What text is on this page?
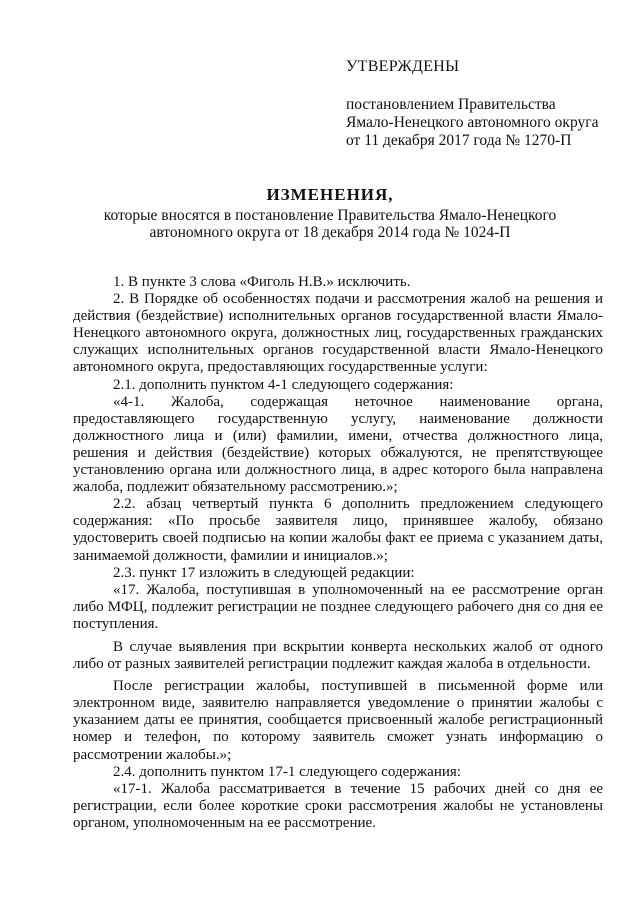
УТВЕРЖДЕНЫ

постановлением Правительства

Ямало-Ненецкого автономного округа

от 11 декабря 2017 года № 1270-П

ИЗМЕНЕНИЯ,

которые вносятся в постановление Правительства Ямало-Ненецкого

автономного округа от 18 декабря 2014 года № 1024-П

1. В пункте 3 слова «Фиголь Н.В.» исключить.

2. В Порядке об особенностях подачи и рассмотрения жалоб на решения и действия (бездействие) исполнительных органов государственной власти Ямало-Ненецкого автономного округа, должностных лиц, государственных гражданских служащих исполнительных органов государственной власти Ямало-Ненецкого автономного округа, предоставляющих государственные услуги:

2.1. дополнить пунктом 4-1 следующего содержания:

«4-1. Жалоба, содержащая неточное наименование органа, предоставляющего государственную услугу, наименование должности должностного лица и (или) фамилии, имени, отчества должностного лица, решения и действия (бездействие) которых обжалуются, не препятствующее установлению органа или должностного лица, в адрес которого была направлена жалоба, подлежит обязательному рассмотрению.»;

2.2. абзац четвертый пункта 6 дополнить предложением следующего содержания: «По просьбе заявителя лицо, принявшее жалобу, обязано удостоверить своей подписью на копии жалобы факт ее приема с указанием даты, занимаемой должности, фамилии и инициалов.»;

2.3. пункт 17 изложить в следующей редакции:

«17. Жалоба, поступившая в уполномоченный на ее рассмотрение орган либо МФЦ, подлежит регистрации не позднее следующего рабочего дня со дня ее поступления.

В случае выявления при вскрытии конверта нескольких жалоб от одного либо от разных заявителей регистрации подлежит каждая жалоба в отдельности.

После регистрации жалобы, поступившей в письменной форме или электронном виде, заявителю направляется уведомление о принятии жалобы с указанием даты ее принятия, сообщается присвоенный жалобе регистрационный номер и телефон, по которому заявитель сможет узнать информацию о рассмотрении жалобы.»;

2.4. дополнить пунктом 17-1 следующего содержания:

«17-1. Жалоба рассматривается в течение 15 рабочих дней со дня ее регистрации, если более короткие сроки рассмотрения жалобы не установлены органом, уполномоченным на ее рассмотрение.
